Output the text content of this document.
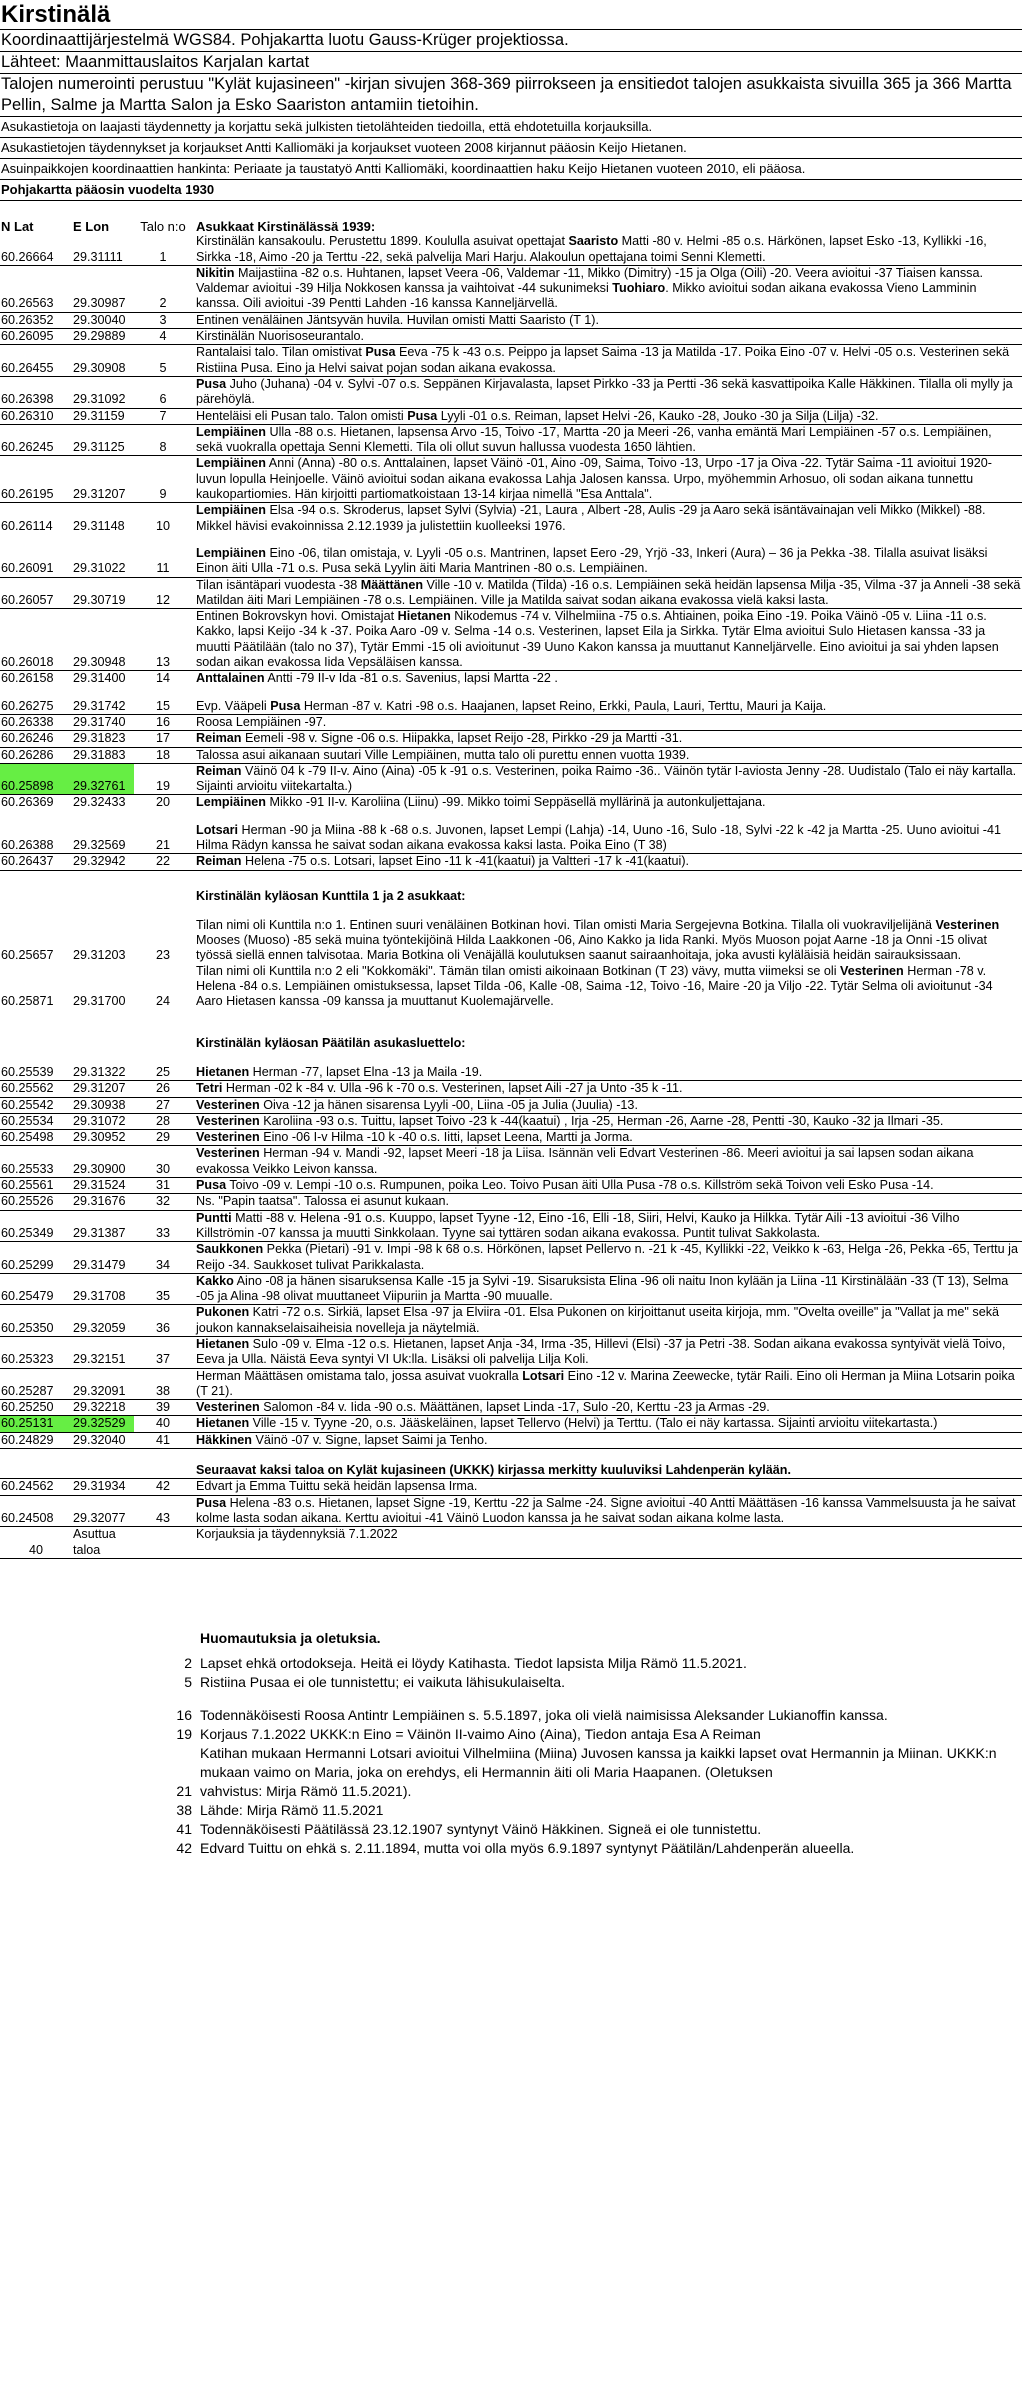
Kirstinälä
Koordinaattijärjestelmä WGS84. Pohjakartta luotu Gauss-Krüger projektiossa.
Lähteet: Maanmittauslaitos Karjalan kartat
Talojen numerointi perustuu "Kylät kujasineen" -kirjan sivujen 368-369 piirrokseen ja ensitiedot talojen asukkaista sivuilla 365 ja 366 Martta Pellin, Salme ja Martta Salon ja Esko Saariston antamiin tietoihin.
Asukastietoja on laajasti täydennetty ja korjattu sekä julkisten tietolähteiden tiedoilla, että ehdotetuilla korjauksilla.
Asukastietojen täydennykset ja korjaukset Antti Kalliomäki ja korjaukset vuoteen 2008 kirjannut pääosin Keijo Hietanen.
Asuinpaikkojen koordinaattien hankinta: Periaate ja taustatyö Antti Kalliomäki, koordinaattien haku Keijo Hietanen vuoteen 2010, eli pääosa.
Pohjakartta pääosin vuodelta 1930
N Lat	E Lon	Talo n:o	Asukkaat Kirstinälässä 1939:
60.26664	29.31111	1	Kirstinälän kansakoulu. Perustettu 1899. Koululla asuivat opettajat Saaristo Matti -80 v. Helmi -85 o.s. Härkönen, lapset Esko -13, Kyllikki -16, Sirkka -18, Aimo -20 ja Terttu -22, sekä palvelija Mari Harju. Alakoulun opettajana toimi Senni Klemetti.
60.26563	29.30987	2	Nikitin Maijastiina -82 o.s. Huhtanen, lapset Veera -06, Valdemar -11, Mikko (Dimitry) -15 ja Olga (Oili) -20. Veera avioitui -37 Tiaisen kanssa. Valdemar avioitui -39 Hilja Nokkosen kanssa ja vaihtoivat -44 sukunimeksi Tuohiaro. Mikko avioitui sodan aikana evakossa Vieno Lamminin kanssa. Oili avioitui -39 Pentti Lahden -16 kanssa Kanneljärvellä.
60.26352	29.30040	3	Entinen venäläinen Jäntsyvän huvila. Huvilan omisti Matti Saaristo (T 1).
60.26095	29.29889	4	Kirstinälän Nuorisoseurantalo.
60.26455	29.30908	5	Rantalaisi talo. Tilan omistivat Pusa Eeva -75 k -43 o.s. Peippo ja lapset Saima -13 ja Matilda -17. Poika Eino -07 v. Helvi -05 o.s. Vesterinen sekä Ristiina Pusa. Eino ja Helvi saivat pojan sodan aikana evakossa.
60.26398	29.31092	6	Pusa Juho (Juhana) -04 v. Sylvi -07 o.s. Seppänen Kirjavalasta, lapset Pirkko -33 ja Pertti -36 sekä kasvattipoika Kalle Häkkinen. Tilalla oli mylly ja pärehöylä.
60.26310	29.31159	7	Henteläisi eli Pusan talo. Talon omisti Pusa Lyyli -01 o.s. Reiman, lapset Helvi -26, Kauko -28, Jouko -30 ja Silja (Lilja) -32.
60.26245	29.31125	8	Lempiäinen Ulla -88 o.s. Hietanen, lapsensa Arvo -15, Toivo -17, Martta -20 ja Meeri -26, vanha emäntä Mari Lempiäinen -57 o.s. Lempiäinen, sekä vuokralla opettaja Senni Klemetti. Tila oli ollut suvun hallussa vuodesta 1650 lähtien.
60.26195	29.31207	9	Lempiäinen Anni (Anna) -80 o.s. Anttalainen, lapset Väinö -01, Aino -09, Saima, Toivo -13, Urpo -17 ja Oiva -22. Tytär Saima -11 avioitui 1920-luvun lopulla Heinjoelle. Väinö avioitui sodan aikana evakossa Lahja Jalosen kanssa. Urpo, myöhemmin Arhosuo, oli sodan aikana tunnettu kaukopartiomies. Hän kirjoitti partiomatkoistaan 13-14 kirjaa nimellä "Esa Anttala".
60.26114	29.31148	10	Lempiäinen Elsa -94 o.s. Skroderus, lapset Sylvi (Sylvia) -21, Laura , Albert -28, Aulis -29 ja Aaro sekä isäntävainajan veli Mikko (Mikkel) -88. Mikkel hävisi evakoinnissa 2.12.1939 ja julistettiin kuolleeksi 1976.

60.26091	29.31022	11	Lempiäinen Eino -06, tilan omistaja, v. Lyyli -05 o.s. Mantrinen, lapset Eero -29, Yrjö -33, Inkeri (Aura) – 36 ja Pekka -38. Tilalla asuivat lisäksi Einon äiti Ulla -71 o.s. Pusa sekä Lyylin äiti Maria Mantrinen -80 o.s. Lempiäinen.
60.26057	29.30719	12	Tilan isäntäpari vuodesta -38 Määttänen Ville -10 v. Matilda (Tilda) -16 o.s. Lempiäinen sekä heidän lapsensa Milja -35, Vilma -37 ja Anneli -38 sekä Matildan äiti Mari Lempiäinen -78 o.s. Lempiäinen. Ville ja Matilda saivat sodan aikana evakossa vielä kaksi lasta.
60.26018	29.30948	13	Entinen Bokrovskyn hovi. Omistajat Hietanen Nikodemus -74 v. Vilhelmiina -75 o.s. Ahtiainen, poika Eino -19. Poika Väinö -05 v. Liina -11 o.s. Kakko, lapsi Keijo -34 k -37. Poika Aaro -09 v. Selma -14 o.s. Vesterinen, lapset Eila ja Sirkka. Tytär Elma avioitui Sulo Hietasen kanssa -33 ja muutti Päätilään (talo no 37), Tytär Emmi -15 oli avioitunut -39 Uuno Kakon kanssa ja muuttanut Kanneljärvelle. Eino avioitui ja sai yhden lapsen sodan aikan evakossa Iida Vepsäläisen kanssa.
60.26158	29.31400	14	Anttalainen Antti -79 II-v Ida -81 o.s. Savenius, lapsi Martta -22 .

60.26275	29.31742	15	Evp. Vääpeli Pusa Herman -87 v. Katri -98 o.s. Haajanen, lapset Reino, Erkki, Paula, Lauri, Terttu, Mauri ja Kaija.
60.26338	29.31740	16	Roosa Lempiäinen -97.
60.26246	29.31823	17	Reiman Eemeli -98 v. Signe -06 o.s. Hiipakka, lapset Reijo -28, Pirkko -29 ja Martti -31.
60.26286	29.31883	18	Talossa asui aikanaan suutari Ville Lempiäinen, mutta talo oli purettu ennen vuotta 1939.
60.25898	29.32761	19	Reiman Väinö 04 k -79 II-v. Aino (Aina) -05 k -91 o.s. Vesterinen, poika Raimo -36.. Väinön tytär I-aviosta Jenny -28. Uudistalo (Talo ei näy kartalla. Sijainti arvioitu viitekartalta.)
60.26369	29.32433	20	Lempiäinen Mikko -91 II-v. Karoliina (Liinu) -99. Mikko toimi Seppäsellä myllärinä ja autonkuljettajana.

60.26388	29.32569	21	Lotsari Herman -90 ja Miina -88 k -68 o.s. Juvonen, lapset Lempi (Lahja) -14, Uuno -16, Sulo -18, Sylvi -22 k -42 ja Martta -25. Uuno avioitui -41 Hilma Rädyn kanssa he saivat sodan aikana evakossa kaksi lasta. Poika Eino (T 38)
60.26437	29.32942	22	Reiman Helena -75 o.s. Lotsari, lapset Eino -11 k -41(kaatui) ja Valtteri -17 k -41(kaatui).

			Kirstinälän kyläosan Kunttila 1 ja 2 asukkaat:

60.25657	29.31203	23	Tilan nimi oli Kunttila n:o 1. Entinen suuri venäläinen Botkinan hovi. Tilan omisti Maria Sergejevna Botkina. Tilalla oli vuokraviljelijänä Vesterinen Mooses (Muoso) -85 sekä muina työntekijöinä Hilda Laakkonen -06, Aino Kakko ja Iida Ranki. Myös Muoson pojat Aarne -18 ja Onni -15 olivat työssä siellä ennen talvisotaa. Maria Botkina oli Venäjällä koulutuksen saanut sairaanhoitaja, joka avusti kyläläisiä heidän sairauksissaan.
60.25871	29.31700	24	Tilan nimi oli Kunttila n:o 2 eli "Kokkomäki". Tämän tilan omisti aikoinaan Botkinan (T 23) vävy, mutta viimeksi se oli Vesterinen Herman -78 v. Helena -84 o.s. Lempiäinen omistuksessa, lapset Tilda -06, Kalle -08, Saima -12, Toivo -16, Maire -20 ja Viljo -22. Tytär Selma oli avioitunut -34 Aaro Hietasen kanssa -09 kanssa ja muuttanut Kuolemajärvelle.

			Kirstinälän kyläosan Päätilän asukasluettelo:

60.25539	29.31322	25	Hietanen Herman -77, lapset Elna -13 ja Maila -19.
60.25562	29.31207	26	Tetri Herman -02 k -84 v. Ulla -96 k -70 o.s. Vesterinen, lapset Aili -27 ja Unto -35 k -11.
60.25542	29.30938	27	Vesterinen Oiva -12 ja hänen sisarensa Lyyli -00, Liina -05 ja Julia (Juulia) -13.
60.25534	29.31072	28	Vesterinen Karoliina -93 o.s. Tuittu, lapset Toivo -23 k -44(kaatui) , Irja -25, Herman -26, Aarne -28, Pentti -30, Kauko -32 ja Ilmari -35.
60.25498	29.30952	29	Vesterinen Eino -06 I-v Hilma -10 k -40 o.s. Iitti, lapset Leena, Martti ja Jorma.
60.25533	29.30900	30	Vesterinen Herman -94 v. Mandi -92, lapset Meeri -18 ja Liisa. Isännän veli Edvart Vesterinen -86. Meeri avioitui ja sai lapsen sodan aikana evakossa Veikko Leivon kanssa.
60.25561	29.31524	31	Pusa Toivo -09 v. Lempi -10 o.s. Rumpunen, poika Leo. Toivo Pusan äiti Ulla Pusa -78 o.s. Killström sekä Toivon veli Esko Pusa -14.
60.25526	29.31676	32	Ns. "Papin taatsa". Talossa ei asunut kukaan.
60.25349	29.31387	33	Puntti Matti -88 v. Helena -91 o.s. Kuuppo, lapset Tyyne -12, Eino -16, Elli -18, Siiri, Helvi, Kauko ja Hilkka. Tytär Aili -13 avioitui -36 Vilho Killströmin -07 kanssa ja muutti Sinkkolaan. Tyyne sai tyttären sodan aikana evakossa. Puntit tulivat Sakkolasta.
60.25299	29.31479	34	Saukkonen Pekka (Pietari) -91 v. Impi -98 k 68 o.s. Hörkönen, lapset Pellervo n. -21 k -45, Kyllikki -22, Veikko k -63, Helga -26, Pekka -65, Terttu ja Reijo -34. Saukkoset tulivat Parikkalasta.
60.25479	29.31708	35	Kakko Aino -08 ja hänen sisaruksensa Kalle -15 ja Sylvi -19. Sisaruksista Elina -96 oli naitu Inon kylään ja Liina -11 Kirstinälään -33 (T 13), Selma -05 ja Alina -98 olivat muuttaneet Viipuriin ja Martta -90 muualle.
60.25350	29.32059	36	Pukonen Katri -72 o.s. Sirkiä, lapset Elsa -97 ja Elviira -01. Elsa Pukonen on kirjoittanut useita kirjoja, mm. "Oveltа oveille" ja "Vallat ja me" sekä joukon kannakselaisaiheisia novelleja ja näytelmiä.
60.25323	29.32151	37	Hietanen Sulo -09 v. Elma -12 o.s. Hietanen, lapset Anja -34, Irma -35, Hillevi (Elsi) -37 ja Petri -38. Sodan aikana evakossa syntyivät vielä Toivo, Eeva ja Ulla. Näistä Eeva syntyi VI Uk:lla. Lisäksi oli palvelija Lilja Koli.
60.25287	29.32091	38	Herman Määttäsen omistama talo, jossa asuivat vuokralla Lotsari Eino -12 v. Marina Zeewecke, tytär Raili. Eino oli Herman ja Miina Lotsarin poika (T 21).
60.25250	29.32218	39	Vesterinen Salomon -84 v. Iida -90 o.s. Määttänen, lapset Linda -17, Sulo -20, Kerttu -23 ja Armas -29.
60.25131	29.32529	40	Hietanen Ville -15 v. Tyyne -20, o.s. Jääskeläinen, lapset Tellervo (Helvi) ja Terttu. (Talo ei näy kartassa. Sijainti arvioitu viitekartasta.)
60.24829	29.32040	41	Häkkinen Väinö -07 v. Signe, lapset Saimi ja Tenho.

			Seuraavat kaksi taloa on Kylät kujasineen (UKKK) kirjassa merkitty kuuluviksi Lahdenperän kylään.
60.24562	29.31934	42	Edvart ja Emma Tuittu sekä heidän lapsensa Irma.
60.24508	29.32077	43	Pusa Helena -83 o.s. Hietanen, lapset Signe -19, Kerttu -22 ja Salme -24. Signe avioitui -40 Antti Määttäsen -16 kanssa Vammelsuusta ja he saivat kolme lasta sodan aikana. Kerttu avioitui -41 Väinö Luodon kanssa ja he saivat sodan aikana kolme lasta.
40	Asuttua taloa		Korjauksia ja täydennyksiä 7.1.2022
Huomautuksia ja oletuksia.
2 Lapset ehkä ortodokseja. Heitä ei löydy Katihasta. Tiedot lapsista Milja Rämö 11.5.2021.
5 Ristiina Pusaa ei ole tunnistettu; ei vaikuta lähisukulaiselta.
16 Todennäköisesti Roosa Antintr Lempiäinen s. 5.5.1897, joka oli vielä naimisissa Aleksander Lukianoffin kanssa.
19 Korjaus 7.1.2022 UKKK:n Eino = Väinön II-vaimo Aino (Aina), Tiedon antaja Esa A Reiman
Katihan mukaan Hermanni Lotsari avioitui Vilhelmiina (Miina) Juvosen kanssa ja kaikki lapset ovat Hermannin ja Miinan. UKKK:n mukaan vaimo on Maria, joka on erehdys, eli Hermannin äiti oli Maria Haapanen. (Oletuksen
21 vahvistus: Mirja Rämö 11.5.2021).
38 Lähde: Mirja Rämö 11.5.2021
41 Todennäköisesti Päätilässä 23.12.1907 syntynyt Väinö Häkkinen. Signeä ei ole tunnistettu.
42 Edvard Tuittu on ehkä s. 2.11.1894, mutta voi olla myös 6.9.1897 syntynyt Päätilän/Lahdenperän alueella.
